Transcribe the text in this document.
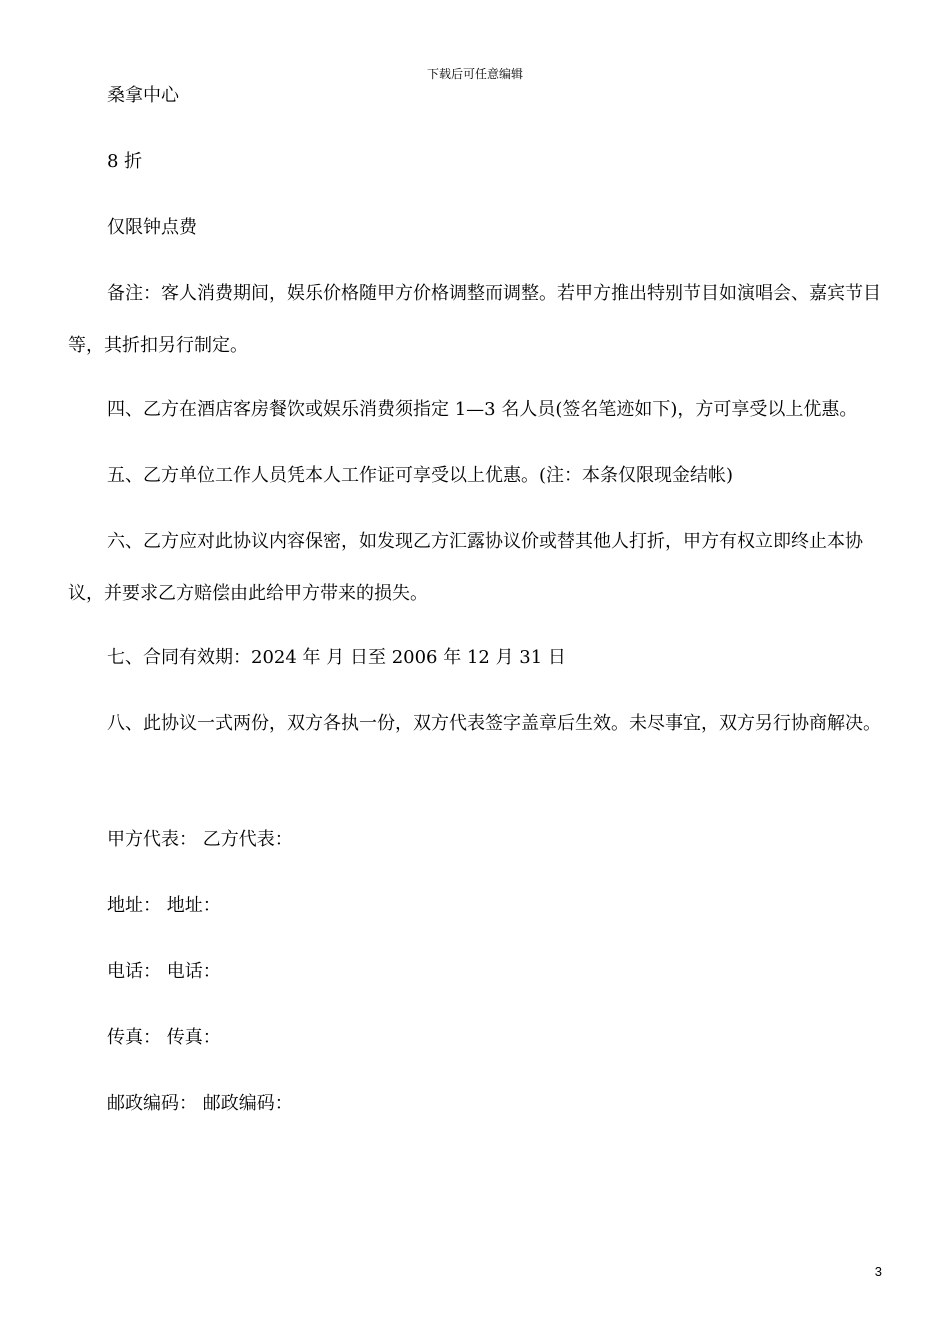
下载后可任意编辑

桑拿中心

8 折

仅限钟点费

备注：客人消费期间，娱乐价格随甲方价格调整而调整。若甲方推出特别节目如演唱会、嘉宾节目等，其折扣另行制定。

四、乙方在酒店客房餐饮或娱乐消费须指定 1—3 名人员(签名笔迹如下)，方可享受以上优惠。

五、乙方单位工作人员凭本人工作证可享受以上优惠。(注：本条仅限现金结帐)

六、乙方应对此协议内容保密，如发现乙方汇露协议价或替其他人打折，甲方有权立即终止本协议，并要求乙方赔偿由此给甲方带来的损失。

七、合同有效期：2024 年 月 日至 2006 年 12 月 31 日

八、此协议一式两份，双方各执一份，双方代表签字盖章后生效。未尽事宜，双方另行协商解决。

甲方代表： 乙方代表：

地址： 地址：

电话： 电话：

传真： 传真：

邮政编码： 邮政编码：

3
